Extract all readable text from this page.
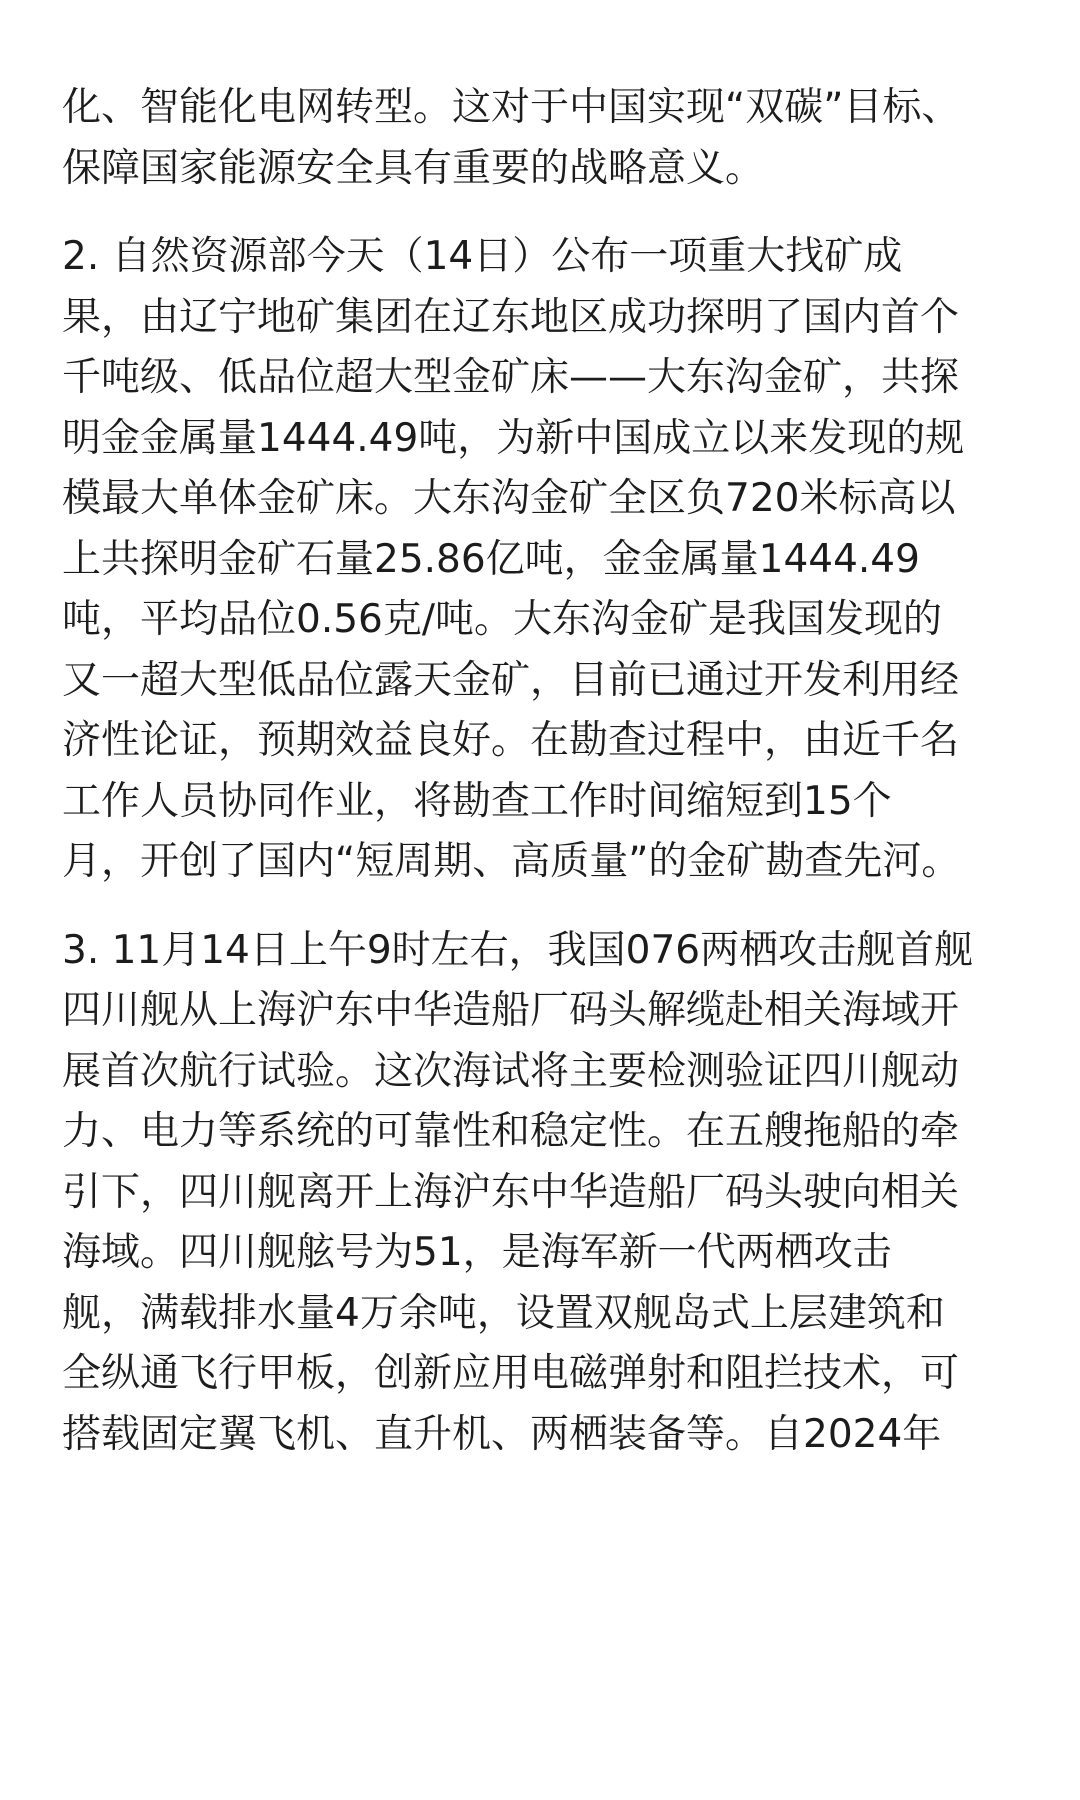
化、智能化电网转型。这对于中国实现“双碳”目标、
保障国家能源安全具有重要的战略意义。

2. 自然资源部今天（14日）公布一项重大找矿成
果，由辽宁地矿集团在辽东地区成功探明了国内首个
千吨级、低品位超大型金矿床——大东沟金矿，共探
明金金属量1444.49吨，为新中国成立以来发现的规
模最大单体金矿床。大东沟金矿全区负720米标高以
上共探明金矿石量25.86亿吨，金金属量1444.49
吨，平均品位0.56克/吨。大东沟金矿是我国发现的
又一超大型低品位露天金矿，目前已通过开发利用经
济性论证，预期效益良好。在勘查过程中，由近千名
工作人员协同作业，将勘查工作时间缩短到15个
月，开创了国内“短周期、高质量”的金矿勘查先河。

3. 11月14日上午9时左右，我国076两栖攻击舰首舰
四川舰从上海沪东中华造船厂码头解缆赴相关海域开
展首次航行试验。这次海试将主要检测验证四川舰动
力、电力等系统的可靠性和稳定性。在五艘拖船的牵
引下，四川舰离开上海沪东中华造船厂码头驶向相关
海域。四川舰舷号为51，是海军新一代两栖攻击
舰，满载排水量4万余吨，设置双舰岛式上层建筑和
全纵通飞行甲板，创新应用电磁弹射和阻拦技术，可
搭载固定翼飞机、直升机、两栖装备等。自2024年
